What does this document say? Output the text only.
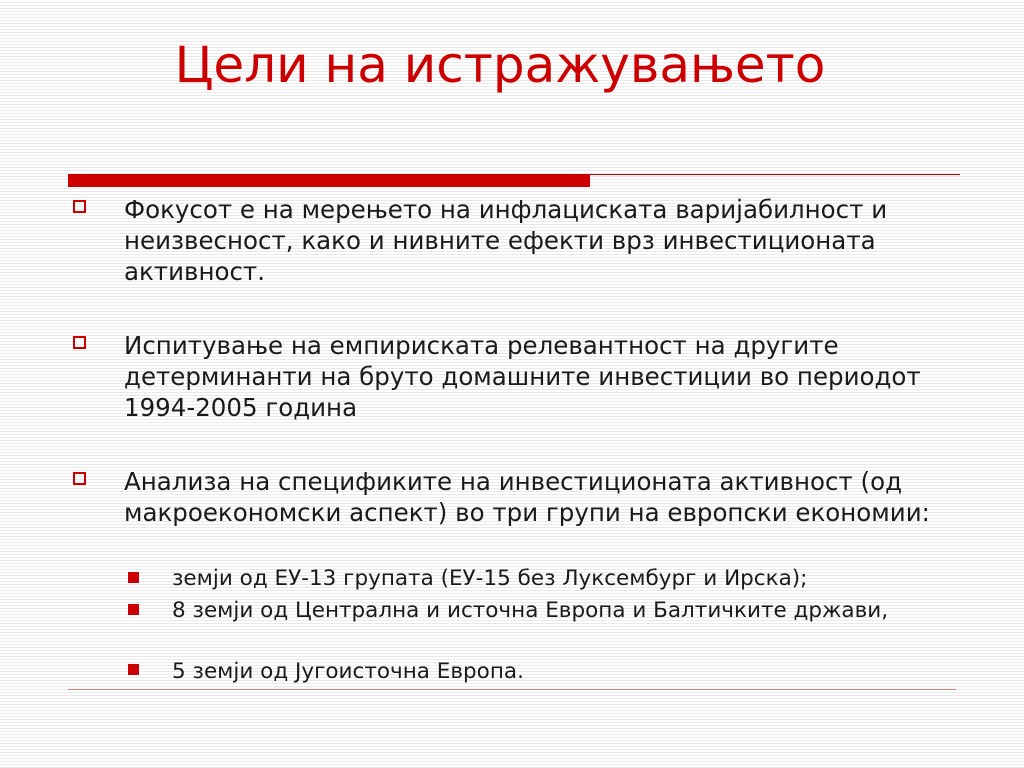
Цели на истражувањето
Фокусот е на мерењето на инфлациската варијабилност и неизвесност, како и нивните ефекти врз инвестиционата активност.
Испитување на емпириската релевантност на другите детерминанти на бруто домашните инвестиции во периодот 1994-2005 година
Анализа на спецификите на инвестиционата активност (од макроекономски аспект) во три групи на европски економии:
земји од ЕУ-13 групата (ЕУ-15 без Луксембург и Ирска);
8 земји од Централна и источна Европа и Балтичките држави,
5 земји од Југоисточна Европа.
